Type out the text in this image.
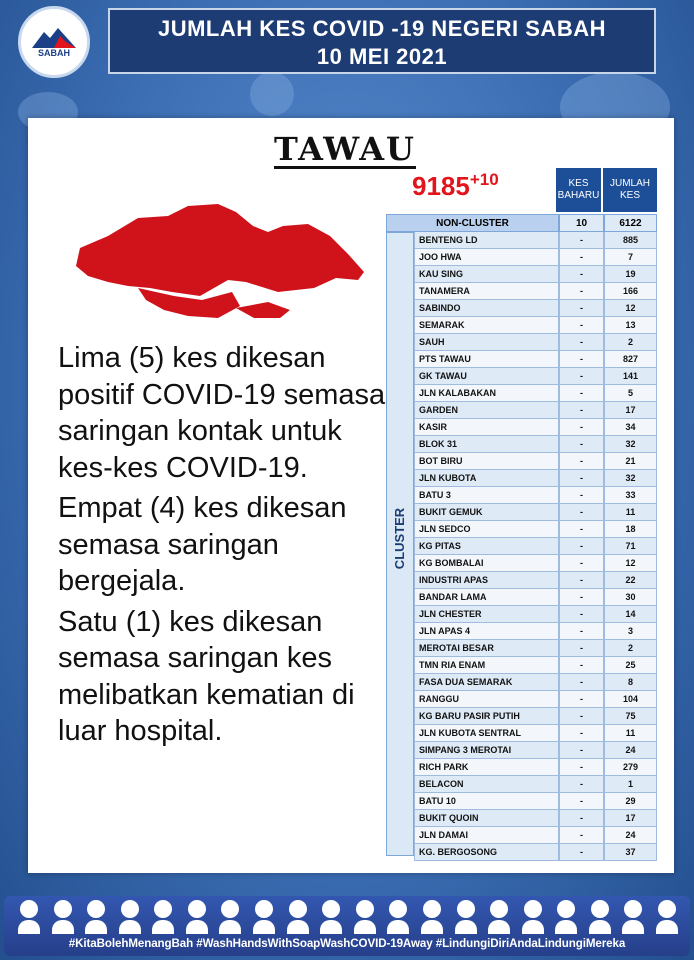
SABAH
JUMLAH KES COVID -19 NEGERI SABAH
10 MEI 2021
TAWAU
$9185^{+10}$	KES BAHARU
JUMLAH KES
NON-CLUSTER	10	6122
CLUSTER
BENTENG LD	-	885
JOO HWA	-	7
KAU SING	-	19
TANAMERA	-	166
SABINDO	-	12
SEMARAK	-	13
SAUH	-	2
PTS TAWAU	-	827
GK TAWAU	-	141
JLN KALABAKAN	-	5
GARDEN	-	17
KASIR	-	34
BLOK 31	-	32
BOT BIRU	-	21
JLN KUBOTA	-	32
BATU 3	-	33
BUKIT GEMUK	-	11
JLN SEDCO	-	18
KG PITAS	-	71
KG BOMBALAI	-	12
INDUSTRI APAS	-	22
BANDAR LAMA	-	30
JLN CHESTER	-	14
JLN APAS 4	-	3
MEROTAI BESAR	-	2
TMN RIA ENAM	-	25
FASA DUA SEMARAK	-	8
RANGGU	-	104
KG BARU PASIR PUTIH	-	75
JLN KUBOTA SENTRAL	-	11
SIMPANG 3 MEROTAI	-	24
RICH PARK	-	279
BELACON	-	1
BATU 10	-	29
BUKIT QUOIN	-	17
JLN DAMAI	-	24
KG. BERGOSONG	-	37

Lima (5) kes dikesan positif COVID-19 semasa saringan kontak untuk kes-kes COVID-19.

Empat (4) kes dikesan semasa saringan bergejala.

Satu (1) kes dikesan semasa saringan kes melibatkan kematian di luar hospital.

#KitaBolehMenangBah #WashHandsWithSoapWashCOVID-19Away #LindungiDiriAndaLindungiMereka
